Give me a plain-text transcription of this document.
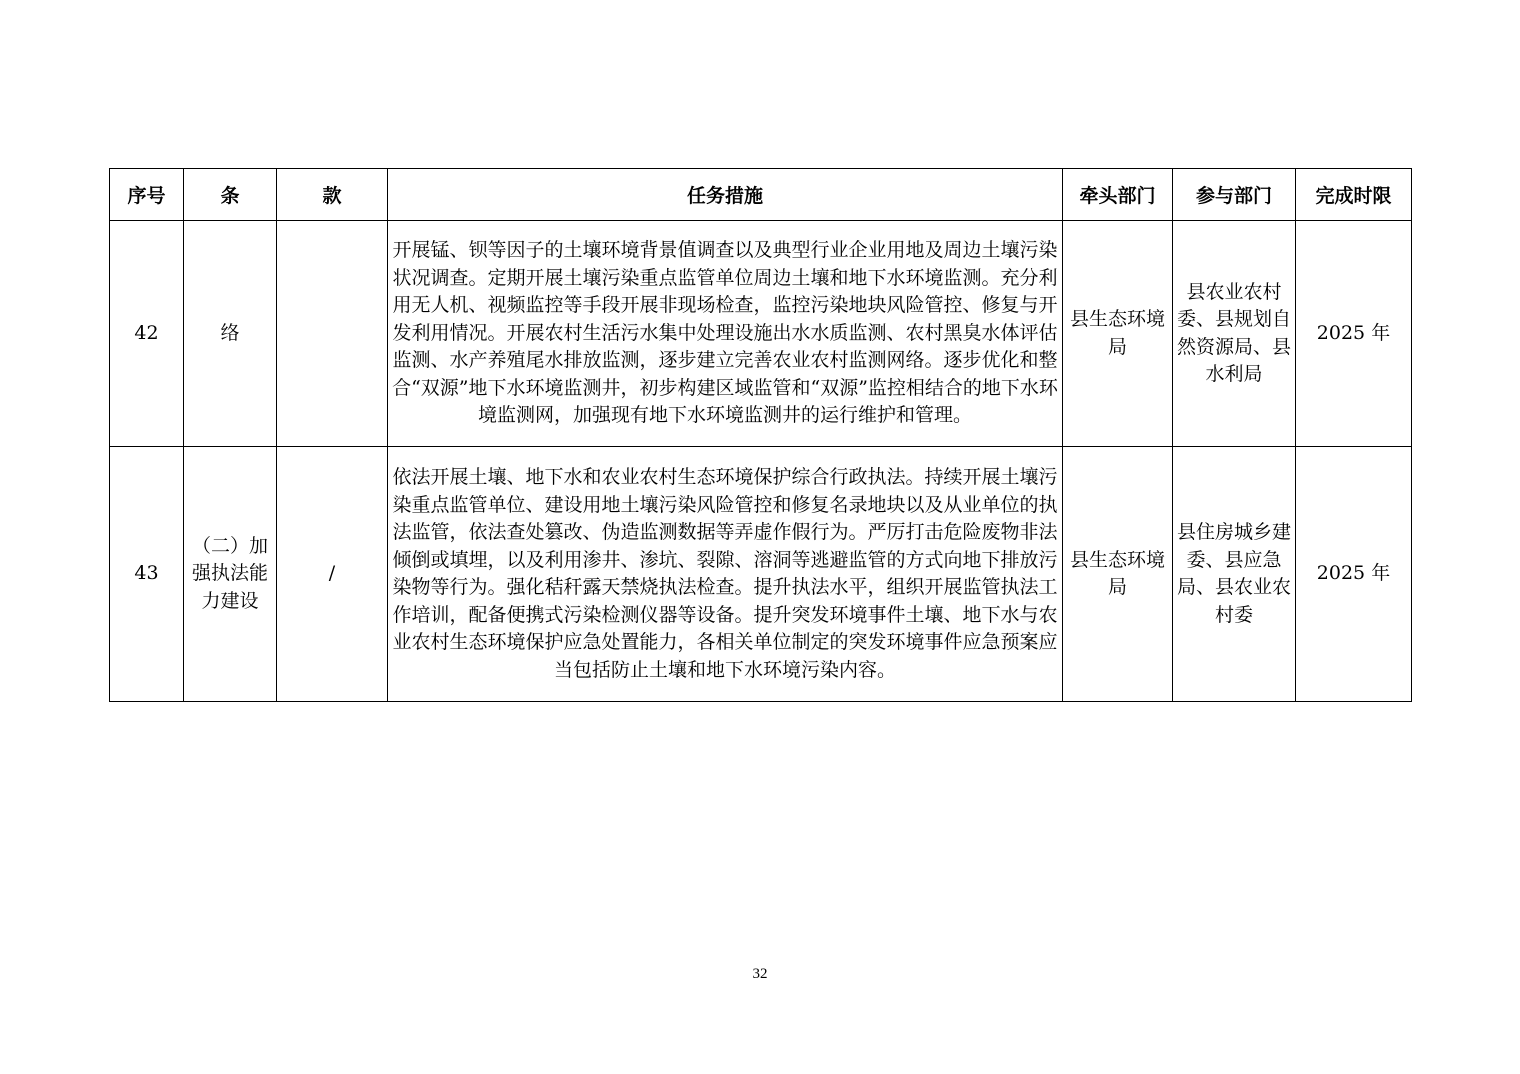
序号	条	款	任务措施	牵头部门	参与部门	完成时限
42	络		开展锰、钡等因子的土壤环境背景值调查以及典型行业企业用地及周边土壤污染状况调查。定期开展土壤污染重点监管单位周边土壤和地下水环境监测。充分利用无人机、视频监控等手段开展非现场检查，监控污染地块风险管控、修复与开发利用情况。开展农村生活污水集中处理设施出水水质监测、农村黑臭水体评估监测、水产养殖尾水排放监测，逐步建立完善农业农村监测网络。逐步优化和整合“双源”地下水环境监测井，初步构建区域监管和“双源”监控相结合的地下水环境监测网，加强现有地下水环境监测井的运行维护和管理。	县生态环境局	县农业农村委、县规划自然资源局、县水利局	2025 年
43	（二）加强执法能力建设	/	依法开展土壤、地下水和农业农村生态环境保护综合行政执法。持续开展土壤污染重点监管单位、建设用地土壤污染风险管控和修复名录地块以及从业单位的执法监管，依法查处篡改、伪造监测数据等弄虚作假行为。严厉打击危险废物非法倾倒或填埋，以及利用渗井、渗坑、裂隙、溶洞等逃避监管的方式向地下排放污染物等行为。强化秸秆露天禁烧执法检查。提升执法水平，组织开展监管执法工作培训，配备便携式污染检测仪器等设备。提升突发环境事件土壤、地下水与农业农村生态环境保护应急处置能力，各相关单位制定的突发环境事件应急预案应当包括防止土壤和地下水环境污染内容。	县生态环境局	县住房城乡建委、县应急局、县农业农村委	2025 年
32
